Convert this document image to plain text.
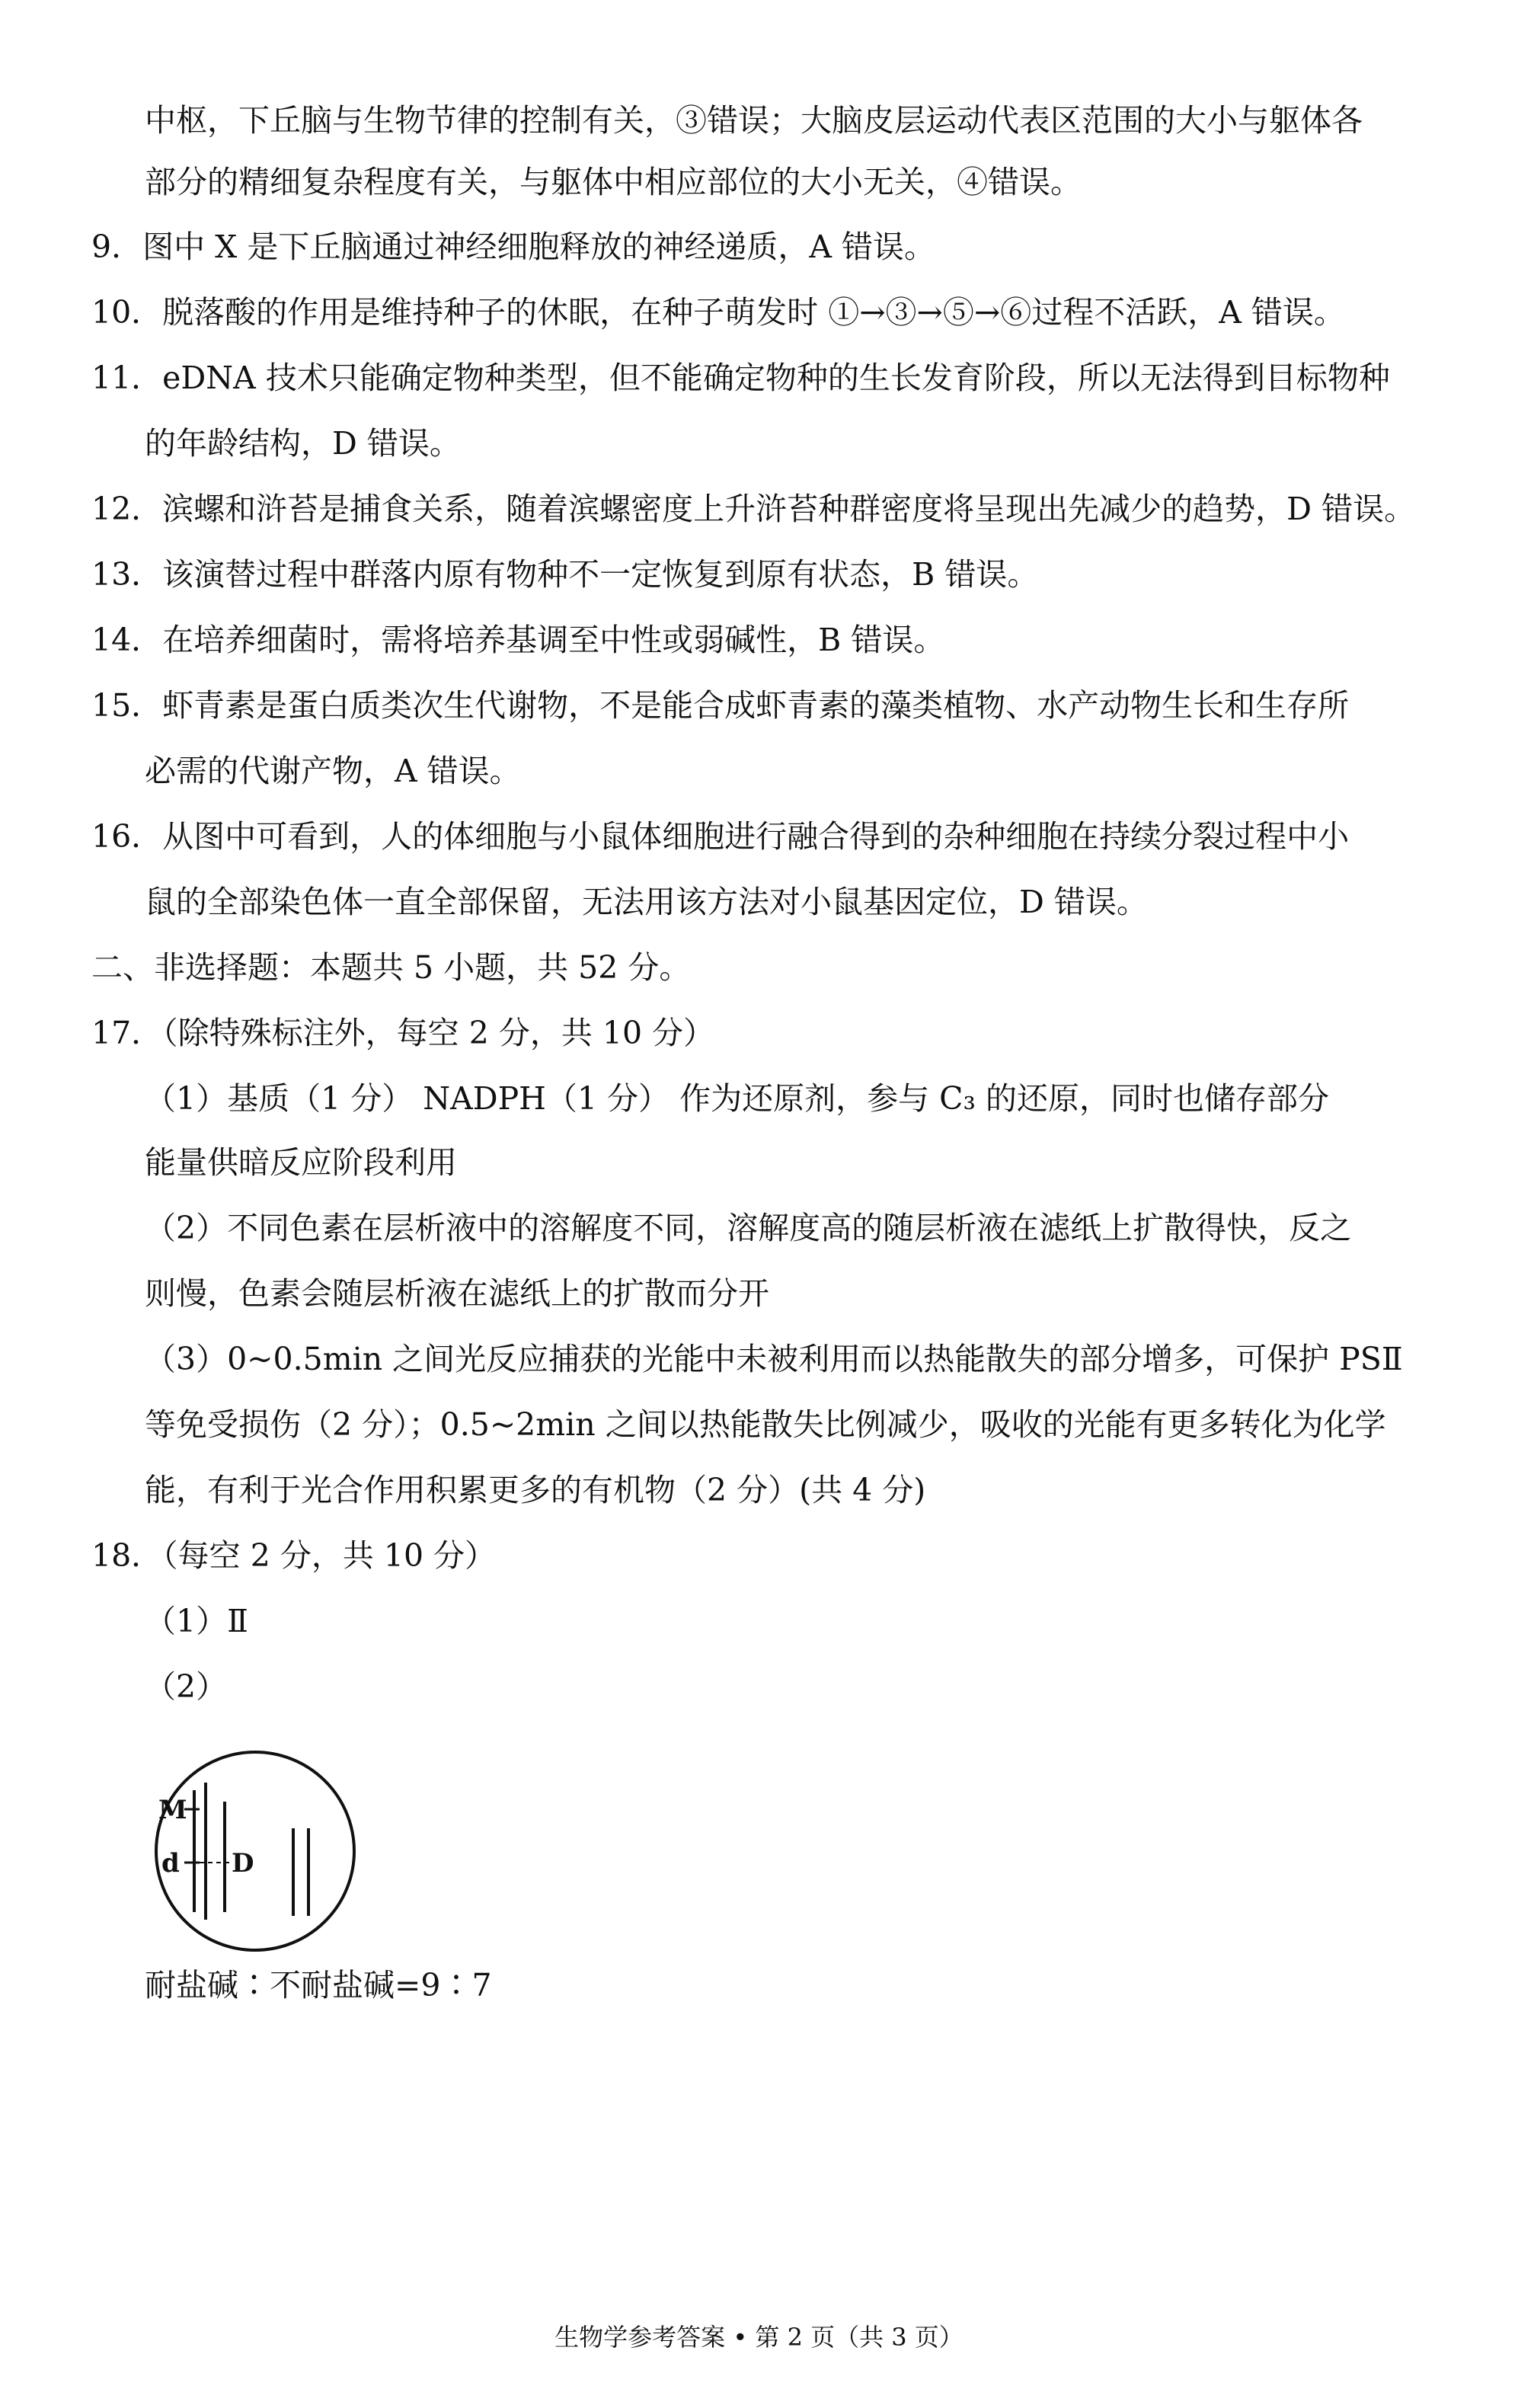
中枢，下丘脑与生物节律的控制有关，③错误；大脑皮层运动代表区范围的大小与躯体各
部分的精细复杂程度有关，与躯体中相应部位的大小无关，④错误。
9．图中 X 是下丘脑通过神经细胞释放的神经递质，A 错误。
10．脱落酸的作用是维持种子的休眠，在种子萌发时 ①→③→⑤→⑥过程不活跃，A 错误。
11．eDNA 技术只能确定物种类型，但不能确定物种的生长发育阶段，所以无法得到目标物种
的年龄结构，D 错误。
12．滨螺和浒苔是捕食关系，随着滨螺密度上升浒苔种群密度将呈现出先减少的趋势，D 错误。
13．该演替过程中群落内原有物种不一定恢复到原有状态，B 错误。
14．在培养细菌时，需将培养基调至中性或弱碱性，B 错误。
15．虾青素是蛋白质类次生代谢物，不是能合成虾青素的藻类植物、水产动物生长和生存所
必需的代谢产物，A 错误。
16．从图中可看到，人的体细胞与小鼠体细胞进行融合得到的杂种细胞在持续分裂过程中小
鼠的全部染色体一直全部保留，无法用该方法对小鼠基因定位，D 错误。
二、非选择题：本题共 5 小题，共 52 分。
17．（除特殊标注外，每空 2 分，共 10 分）
（1）基质（1 分） NADPH（1 分） 作为还原剂，参与 C₃ 的还原，同时也储存部分
能量供暗反应阶段利用
（2）不同色素在层析液中的溶解度不同，溶解度高的随层析液在滤纸上扩散得快，反之
则慢，色素会随层析液在滤纸上的扩散而分开
（3）0~0.5min 之间光反应捕获的光能中未被利用而以热能散失的部分增多，可保护 PSⅡ
等免受损伤（2 分）；0.5~2min 之间以热能散失比例减少，吸收的光能有更多转化为化学
能，有利于光合作用积累更多的有机物（2 分）(共 4 分)
18．（每空 2 分，共 10 分）
（1）Ⅱ
（2）
M
d D
耐盐碱∶不耐盐碱=9∶7
生物学参考答案 • 第 2 页（共 3 页）
